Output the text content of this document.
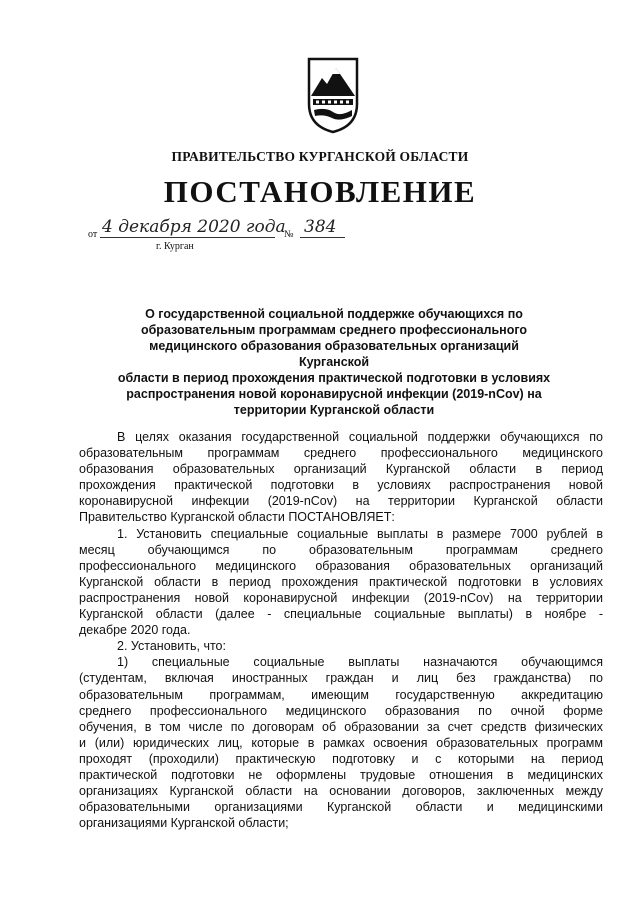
ПРАВИТЕЛЬСТВО КУРГАНСКОЙ ОБЛАСТИ
ПОСТАНОВЛЕНИЕ
от 4 декабря 2020 года
№ 384
г. Курган
О государственной социальной поддержке обучающихся по
образовательным программам среднего профессионального
медицинского образования образовательных организаций Курганской
области в период прохождения практической подготовки в условиях
распространения новой коронавирусной инфекции (2019-nCov) на
территории Курганской области
В целях оказания государственной социальной поддержки обучающихся по
образовательным программам среднего профессионального медицинского
образования образовательных организаций Курганской области в период
прохождения практической подготовки в условиях распространения новой
коронавирусной инфекции (2019-nCov) на территории Курганской области
Правительство Курганской области ПОСТАНОВЛЯЕТ:
1. Установить специальные социальные выплаты в размере 7000 рублей в
месяц обучающимся по образовательным программам среднего
профессионального медицинского образования образовательных организаций
Курганской области в период прохождения практической подготовки в условиях
распространения новой коронавирусной инфекции (2019-nCov) на территории
Курганской области (далее - специальные социальные выплаты) в ноябре -
декабре 2020 года.
2. Установить, что:
1) специальные социальные выплаты назначаются обучающимся
(студентам, включая иностранных граждан и лиц без гражданства) по
образовательным программам, имеющим государственную аккредитацию
среднего профессионального медицинского образования по очной форме
обучения, в том числе по договорам об образовании за счет средств физических
и (или) юридических лиц, которые в рамках освоения образовательных программ
проходят (проходили) практическую подготовку и с которыми на период
практической подготовки не оформлены трудовые отношения в медицинских
организациях Курганской области на основании договоров, заключенных между
образовательными организациями Курганской области и медицинскими
организациями Курганской области;
